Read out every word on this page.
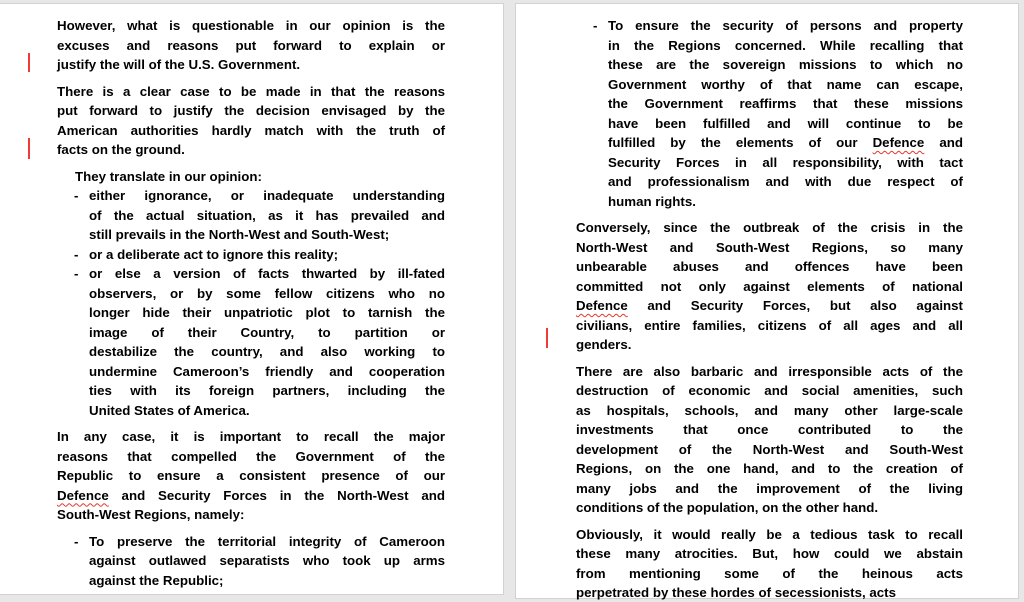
However, what is questionable in our opinion is the
excuses and reasons put forward to explain or
justify the will of the U.S. Government.
There is a clear case to be made in that the reasons
put forward to justify the decision envisaged by the
American authorities hardly match with the truth of
facts on the ground.
They translate in our opinion:
- either ignorance, or inadequate understanding
of the actual situation, as it has prevailed and
still prevails in the North-West and South-West;
- or a deliberate act to ignore this reality;
- or else a version of facts thwarted by ill-fated
observers, or by some fellow citizens who no
longer hide their unpatriotic plot to tarnish the
image of their Country, to partition or
destabilize the country, and also working to
undermine Cameroon’s friendly and cooperation
ties with its foreign partners, including the
United States of America.
In any case, it is important to recall the major
reasons that compelled the Government of the
Republic to ensure a consistent presence of our
Defence and Security Forces in the North-West and
South-West Regions, namely:
- To preserve the territorial integrity of Cameroon
against outlawed separatists who took up arms
against the Republic;
- To ensure the security of persons and property
in the Regions concerned. While recalling that
these are the sovereign missions to which no
Government worthy of that name can escape,
the Government reaffirms that these missions
have been fulfilled and will continue to be
fulfilled by the elements of our Defence and
Security Forces in all responsibility, with tact
and professionalism and with due respect of
human rights.
Conversely, since the outbreak of the crisis in the
North-West and South-West Regions, so many
unbearable abuses and offences have been
committed not only against elements of national
Defence and Security Forces, but also against
civilians, entire families, citizens of all ages and all
genders.
There are also barbaric and irresponsible acts of the
destruction of economic and social amenities, such
as hospitals, schools, and many other large-scale
investments that once contributed to the
development of the North-West and South-West
Regions, on the one hand, and to the creation of
many jobs and the improvement of the living
conditions of the population, on the other hand.
Obviously, it would really be a tedious task to recall
these many atrocities. But, how could we abstain
from mentioning some of the heinous acts
perpetrated by these hordes of secessionists, acts
